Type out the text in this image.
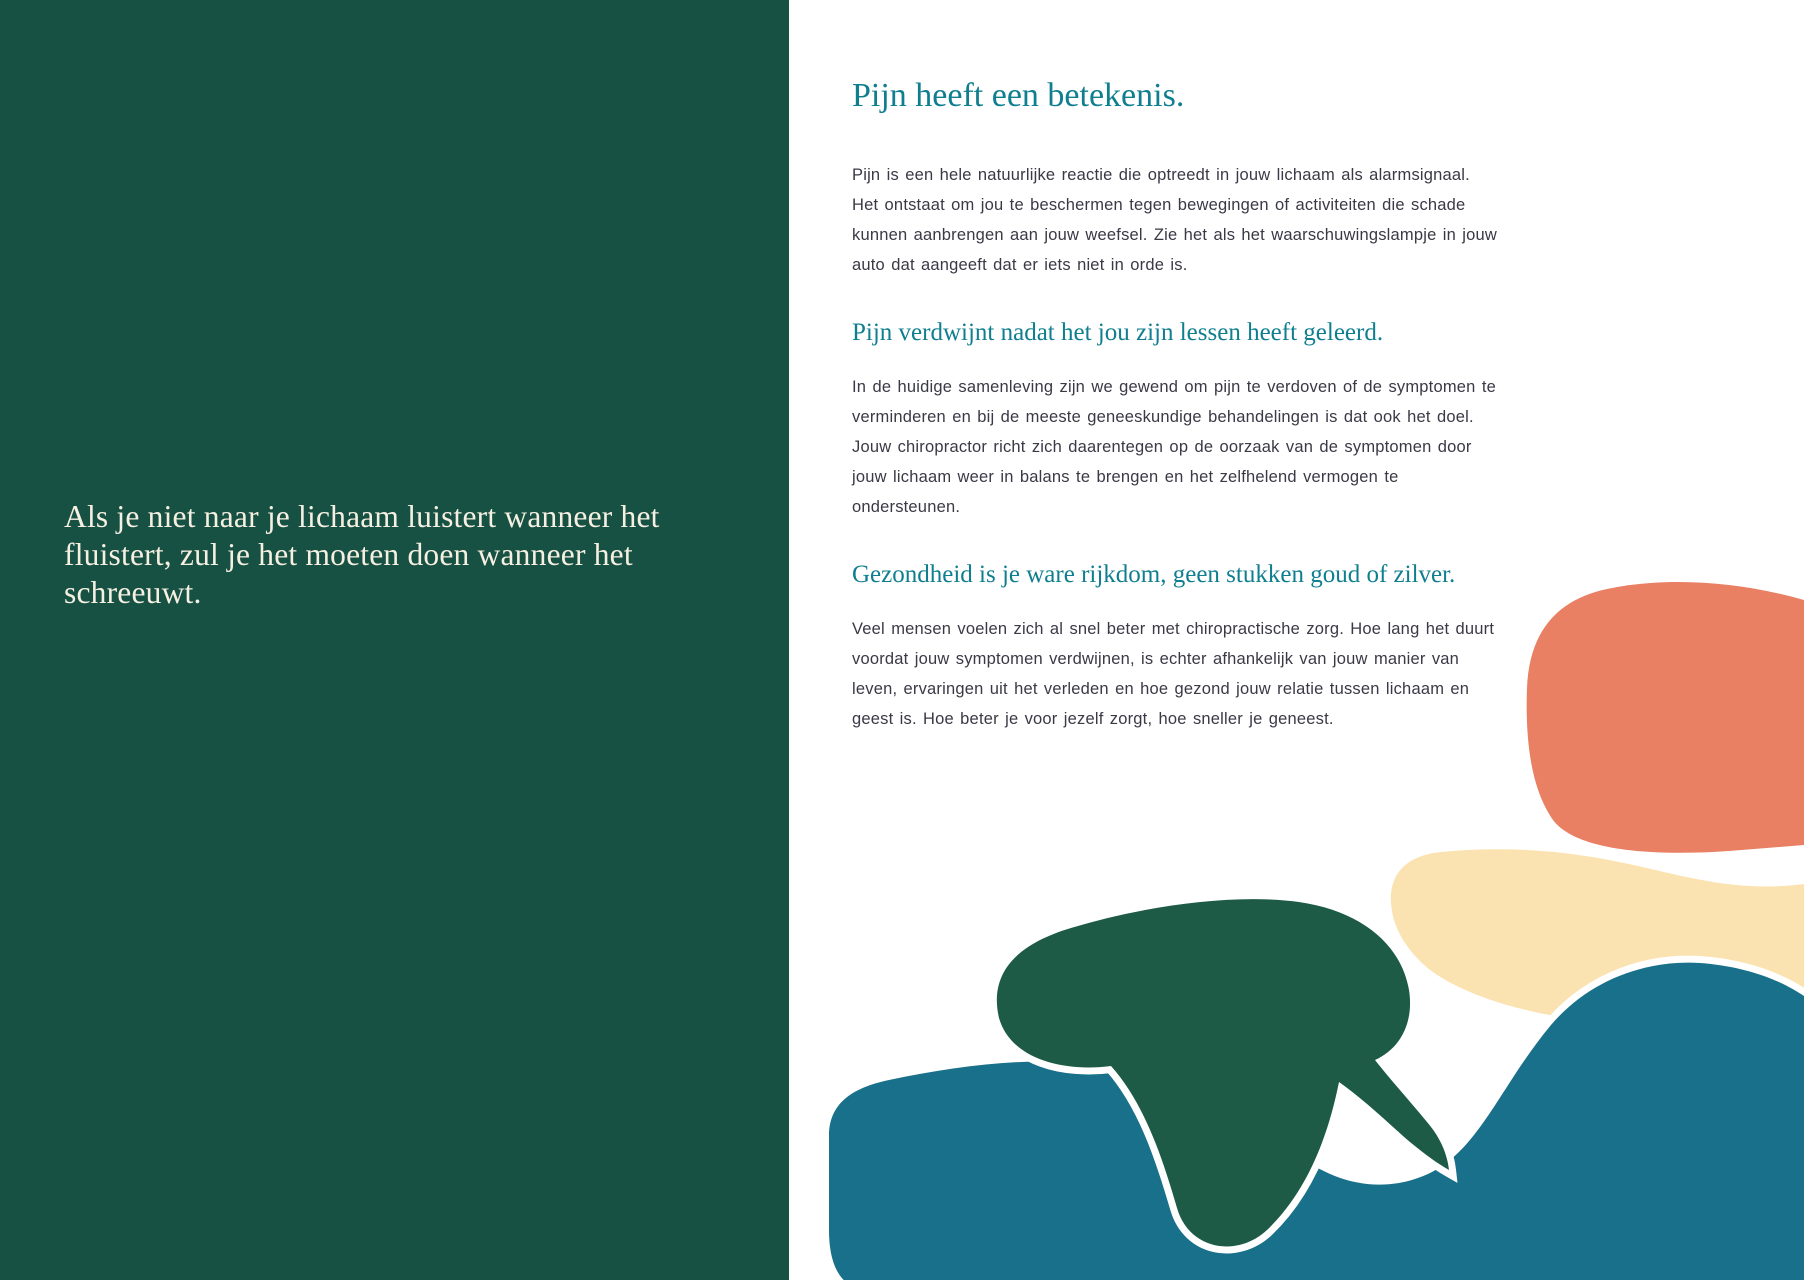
Als je niet naar je lichaam luistert wanneer het fluistert, zul je het moeten doen wanneer het schreeuwt.
Pijn heeft een betekenis.

Pijn is een hele natuurlijke reactie die optreedt in jouw lichaam als alarmsignaal. Het ontstaat om jou te beschermen tegen bewegingen of activiteiten die schade kunnen aanbrengen aan jouw weefsel. Zie het als het waarschuwingslampje in jouw auto dat aangeeft dat er iets niet in orde is.

Pijn verdwijnt nadat het jou zijn lessen heeft geleerd.

In de huidige samenleving zijn we gewend om pijn te verdoven of de symptomen te verminderen en bij de meeste geneeskundige behandelingen is dat ook het doel. Jouw chiropractor richt zich daarentegen op de oorzaak van de symptomen door jouw lichaam weer in balans te brengen en het zelfhelend vermogen te ondersteunen.

Gezondheid is je ware rijkdom, geen stukken goud of zilver.

Veel mensen voelen zich al snel beter met chiropractische zorg. Hoe lang het duurt voordat jouw symptomen verdwijnen, is echter afhankelijk van jouw manier van leven, ervaringen uit het verleden en hoe gezond jouw relatie tussen lichaam en geest is. Hoe beter je voor jezelf zorgt, hoe sneller je geneest.
